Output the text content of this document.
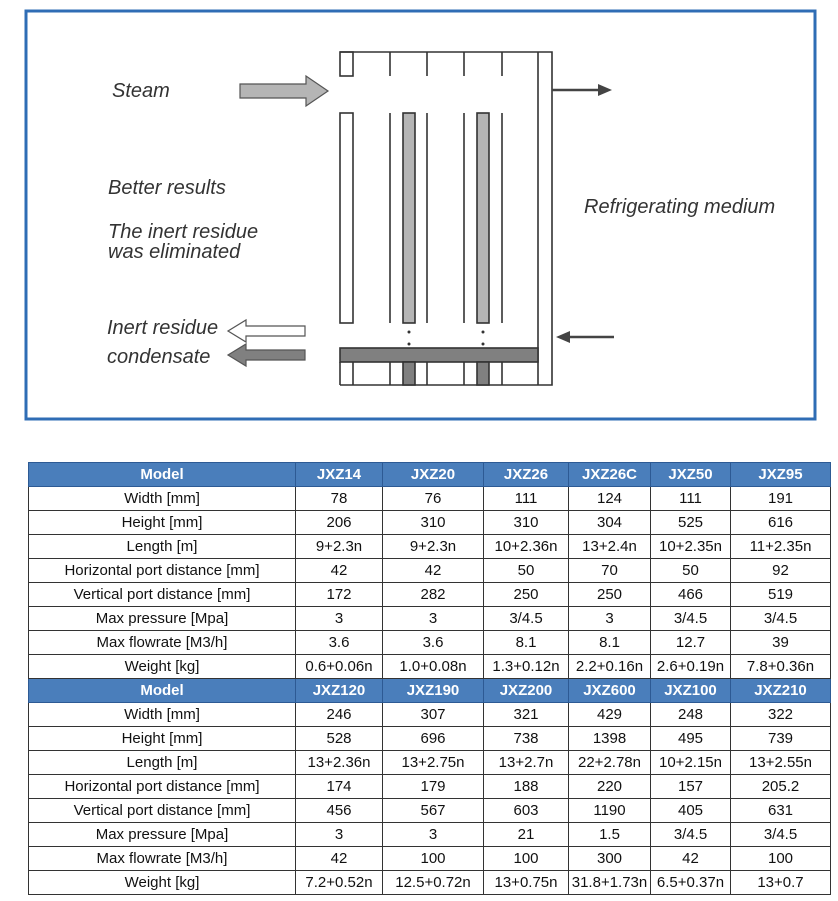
Steam
Better results
The inert residue
was eliminated
Inert residue
condensate
Refrigerating medium
Model	JXZ14	JXZ20	JXZ26	JXZ26C	JXZ50	JXZ95
Width [mm]	78	76	111	124	111	191
Height [mm]	206	310	310	304	525	616
Length [m]	9+2.3n	9+2.3n	10+2.36n	13+2.4n	10+2.35n	11+2.35n
Horizontal port distance [mm]	42	42	50	70	50	92
Vertical port distance [mm]	172	282	250	250	466	519
Max pressure [Mpa]	3	3	3/4.5	3	3/4.5	3/4.5
Max flowrate [M3/h]	3.6	3.6	8.1	8.1	12.7	39
Weight [kg]	0.6+0.06n	1.0+0.08n	1.3+0.12n	2.2+0.16n	2.6+0.19n	7.8+0.36n
Model	JXZ120	JXZ190	JXZ200	JXZ600	JXZ100	JXZ210
Width [mm]	246	307	321	429	248	322
Height [mm]	528	696	738	1398	495	739
Length [m]	13+2.36n	13+2.75n	13+2.7n	22+2.78n	10+2.15n	13+2.55n
Horizontal port distance [mm]	174	179	188	220	157	205.2
Vertical port distance [mm]	456	567	603	1190	405	631
Max pressure [Mpa]	3	3	21	1.5	3/4.5	3/4.5
Max flowrate [M3/h]	42	100	100	300	42	100
Weight [kg]	7.2+0.52n	12.5+0.72n	13+0.75n	31.8+1.73n	6.5+0.37n	13+0.7
